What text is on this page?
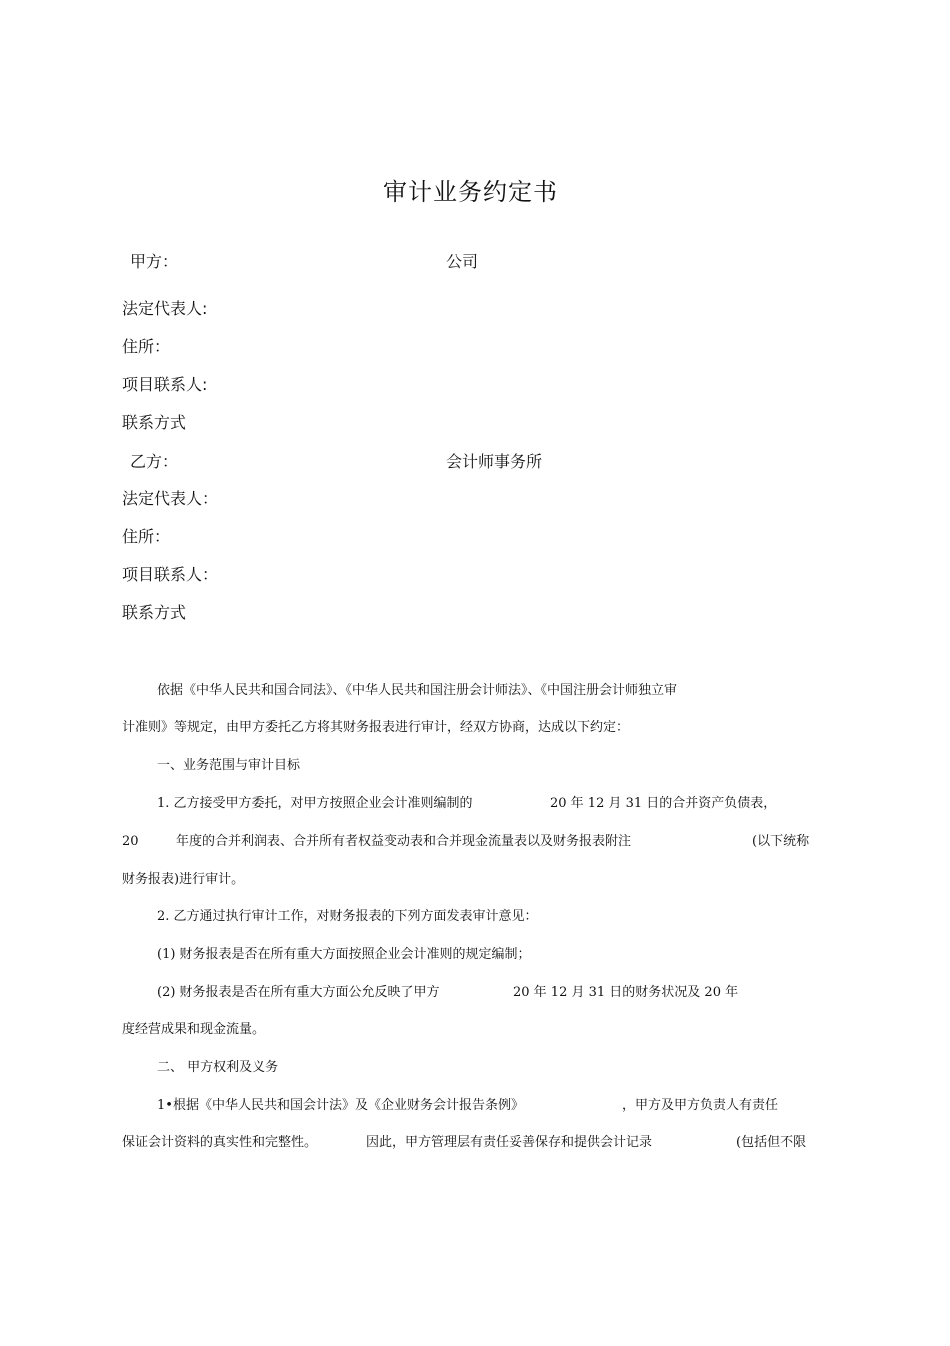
审计业务约定书
甲方：	公司
法定代表人:
住所：
项目联系人:
联系方式
乙方：	会计师事务所
法定代表人：
住所：
项目联系人：
联系方式
依据《中华人民共和国合同法》、《中华人民共和国注册会计师法》、《中国注册会计师独立审
计准则》等规定，由甲方委托乙方将其财务报表进行审计，经双方协商，达成以下约定：
一、业务范围与审计目标
1. 乙方接受甲方委托，对甲方按照企业会计准则编制的	20 年 12 月 31 日的合并资产负债表，
20	年度的合并利润表、合并所有者权益变动表和合并现金流量表以及财务报表附注	(以下统称
财务报表)进行审计。
2. 乙方通过执行审计工作，对财务报表的下列方面发表审计意见：
(1) 财务报表是否在所有重大方面按照企业会计准则的规定编制；
(2) 财务报表是否在所有重大方面公允反映了甲方	20 年 12 月 31 日的财务状况及 20 年
度经营成果和现金流量。
二、 甲方权利及义务
1•根据《中华人民共和国会计法》及《企业财务会计报告条例》	，甲方及甲方负责人有责任
保证会计资料的真实性和完整性。	因此，甲方管理层有责任妥善保存和提供会计记录	(包括但不限
